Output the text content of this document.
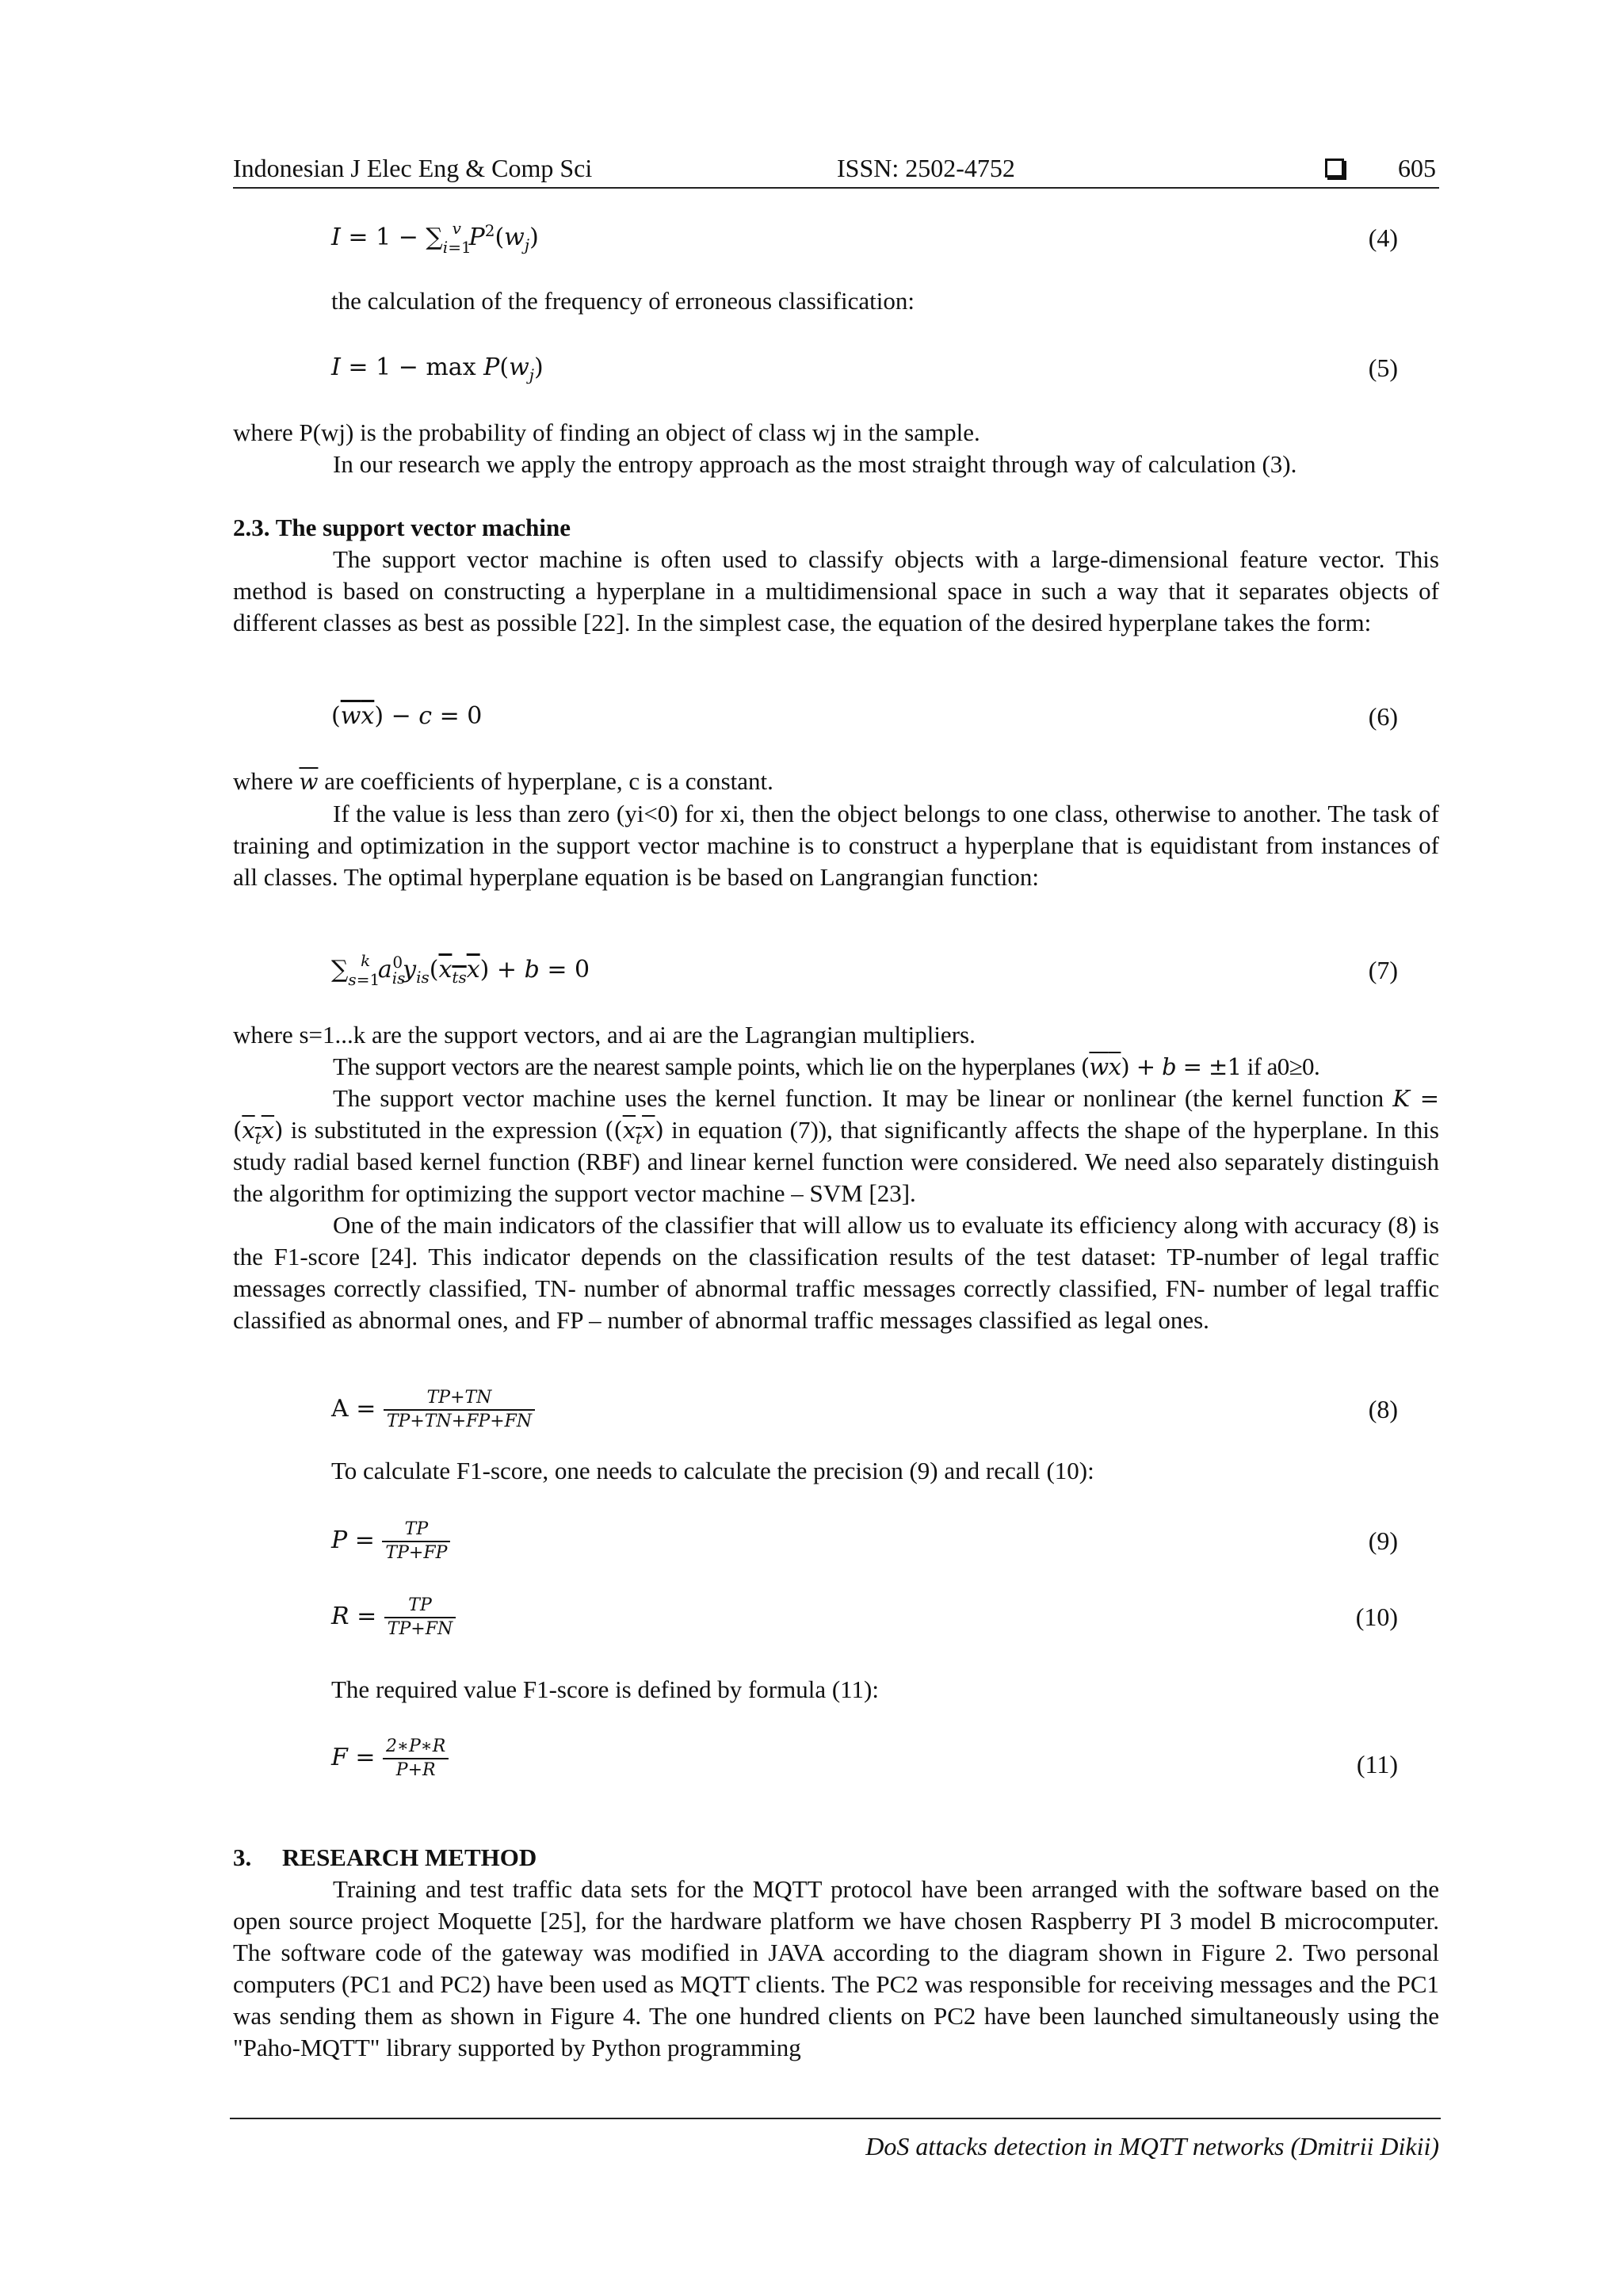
Indonesian J Elec Eng & Comp Sci	ISSN: 2502-4752	605
$I = 1 - \sum_{i=1}^v$ $P^2(w_j)$	(4)
the calculation of the frequency of erroneous classification:
$I = 1 - \max P(w_j)$	(5)

where P(wj) is the probability of finding an object of class wj in the sample.

In our research we apply the entropy approach as the most straight through way of calculation (3).

2.3. The support vector machine

The support vector machine is often used to classify objects with a large-dimensional feature vector. This method is based on constructing a hyperplane in a multidimensional space in such a way that it separates objects of different classes as best as possible [22]. In the simplest case, the equation of the desired hyperplane takes the form:

$(\overline{w}\overline{x}) - c = 0$	(6)

where $\overline{w}$ are coefficients of hyperplane, c is a constant.

If the value is less than zero (yi<0) for xi, then the object belongs to one class, otherwise to another. The task of training and optimization in the support vector machine is to construct a hyperplane that is equidistant from instances of all classes. The optimal hyperplane equation is be based on Langrangian function:

$\sum_{s=1}^k$ $a_{is}^0y_{is}(x_{ts}\overline{x}) + b = 0$	(7)

where s=1...k are the support vectors, and ai are the Lagrangian multipliers.

The support vectors are the nearest sample points, which lie on the hyperplanes $(\overline{w}\overline{x}) + b = \pm 1$ if a0≥0.

The support vector machine uses the kernel function. It may be linear or nonlinear (the kernel function $K = (x_t\overline{x})$ is substituted in the expression ($(x_t\overline{x})$ in equation (7)), that significantly affects the shape of the hyperplane. In this study radial based kernel function (RBF) and linear kernel function were considered. We need also separately distinguish the algorithm for optimizing the support vector machine – SVM [23].

One of the main indicators of the classifier that will allow us to evaluate its efficiency along with accuracy (8) is the F1-score [24]. This indicator depends on the classification results of the test dataset: TP-number of legal traffic messages correctly classified, TN- number of abnormal traffic messages correctly classified, FN- number of legal traffic classified as abnormal ones, and FP – number of abnormal traffic messages classified as legal ones.

$A = \frac{TP+TN}{TP+TN+FP+FN}$	(8)
To calculate F1-score, one needs to calculate the precision (9) and recall (10):
$P = \frac{TP}{TP+FP}$	(9)
$R = \frac{TP}{TP+FN}$	(10)
The required value F1-score is defined by formula (11):
$F = \frac{2∗P∗R}{P+R}$	(11)
3.     RESEARCH METHOD

Training and test traffic data sets for the MQTT protocol have been arranged with the software based on the open source project Moquette [25], for the hardware platform we have chosen Raspberry PI 3 model B microcomputer. The software code of the gateway was modified in JAVA according to the diagram shown in Figure 2. Two personal computers (PC1 and PC2) have been used as MQTT clients. The PC2 was responsible for receiving messages and the PC1 was sending them as shown in Figure 4. The one hundred clients on PC2 have been launched simultaneously using the "Paho-MQTT" library supported by Python programming

DoS attacks detection in MQTT networks (Dmitrii Dikii)
